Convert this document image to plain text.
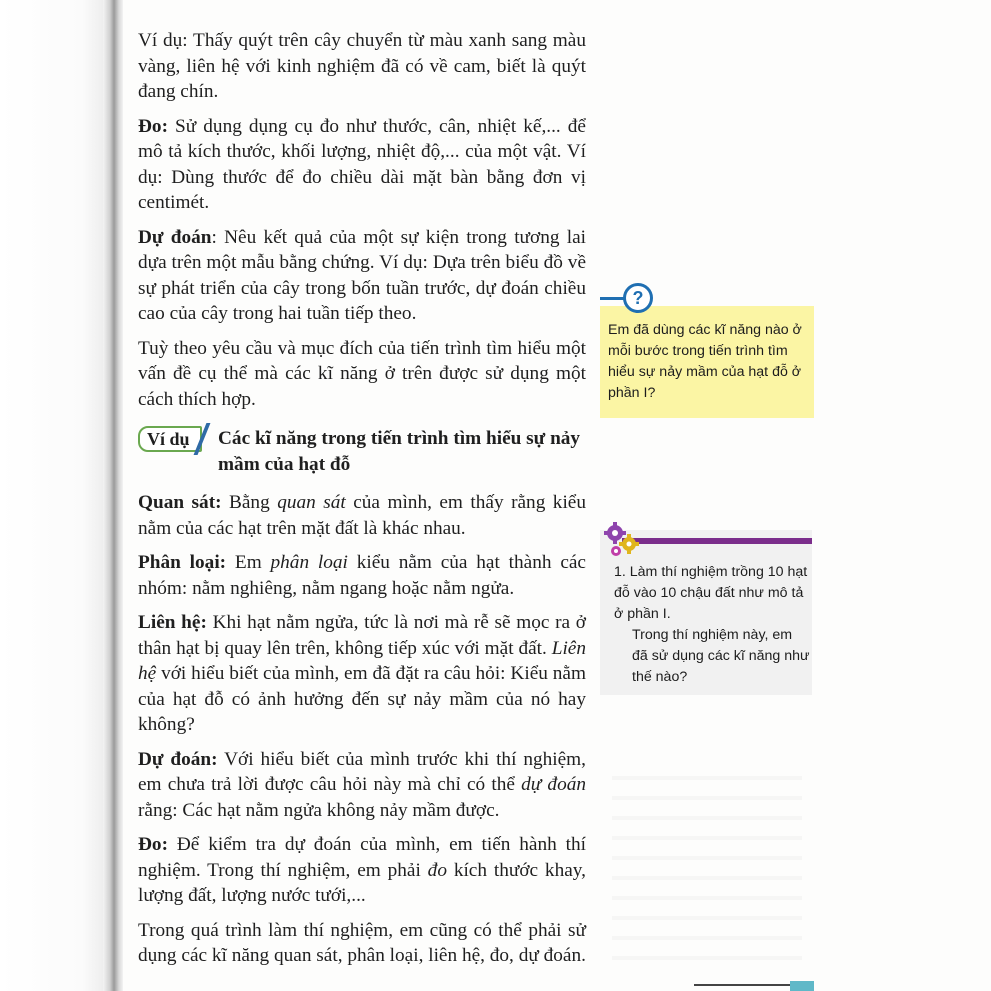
Ví dụ: Thấy quýt trên cây chuyển từ màu xanh sang màu vàng, liên hệ với kinh nghiệm đã có về cam, biết là quýt đang chín.

Đo: Sử dụng dụng cụ đo như thước, cân, nhiệt kế,... để mô tả kích thước, khối lượng, nhiệt độ,... của một vật. Ví dụ: Dùng thước để đo chiều dài mặt bàn bằng đơn vị centimét.

Dự đoán: Nêu kết quả của một sự kiện trong tương lai dựa trên một mẫu bằng chứng. Ví dụ: Dựa trên biểu đồ về sự phát triển của cây trong bốn tuần trước, dự đoán chiều cao của cây trong hai tuần tiếp theo.

Tuỳ theo yêu cầu và mục đích của tiến trình tìm hiểu một vấn đề cụ thể mà các kĩ năng ở trên được sử dụng một cách thích hợp.

Ví dụ	Các kĩ năng trong tiến trình tìm hiểu sự nảy mầm của hạt đỗ

Quan sát: Bằng quan sát của mình, em thấy rằng kiểu nằm của các hạt trên mặt đất là khác nhau.

Phân loại: Em phân loại kiểu nằm của hạt thành các nhóm: nằm nghiêng, nằm ngang hoặc nằm ngửa.

Liên hệ: Khi hạt nằm ngửa, tức là nơi mà rễ sẽ mọc ra ở thân hạt bị quay lên trên, không tiếp xúc với mặt đất. Liên hệ với hiểu biết của mình, em đã đặt ra câu hỏi: Kiểu nằm của hạt đỗ có ảnh hưởng đến sự nảy mầm của nó hay không?

Dự đoán: Với hiểu biết của mình trước khi thí nghiệm, em chưa trả lời được câu hỏi này mà chỉ có thể dự đoán rằng: Các hạt nằm ngửa không nảy mầm được.

Đo: Để kiểm tra dự đoán của mình, em tiến hành thí nghiệm. Trong thí nghiệm, em phải đo kích thước khay, lượng đất, lượng nước tưới,...

Trong quá trình làm thí nghiệm, em cũng có thể phải sử dụng các kĩ năng quan sát, phân loại, liên hệ, đo, dự đoán.

?
Em đã dùng các kĩ năng nào ở mỗi bước trong tiến trình tìm hiểu sự nảy mầm của hạt đỗ ở phần I?
1. Làm thí nghiệm trồng 10 hạt đỗ vào 10 chậu đất như mô tả ở phần I.
Trong thí nghiệm này, em đã sử dụng các kĩ năng như thế nào?
